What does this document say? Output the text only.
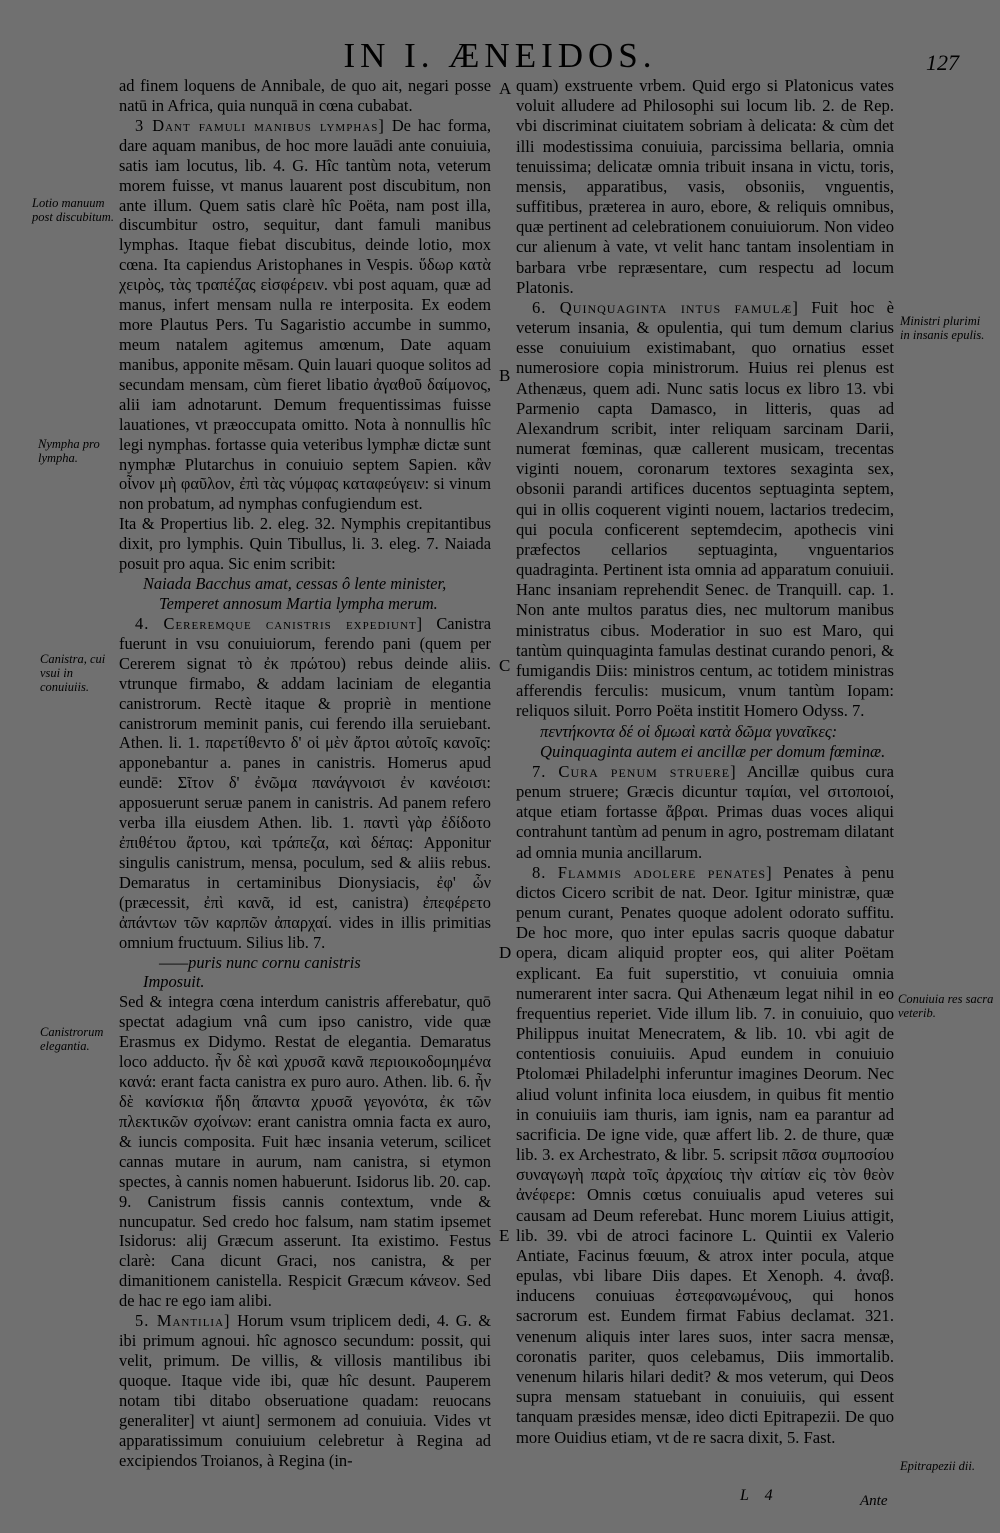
IN I. ÆNEIDOS.	127

ad finem loquens de Annibale, de quo ait, negari posse natū in Africa, quia nunquā in cœna cubabat.

3 Dant famuli manibus lymphas] De hac forma, dare aquam manibus, de hoc more lauādi ante conuiuia, satis iam locutus, lib. 4. G. Hîc tantùm nota, veterum morem fuisse, vt manus lauarent post discubitum, non ante illum. Quem satis clarè hîc Poëta, nam post illa, discumbitur ostro, sequitur, dant famuli manibus lymphas. Itaque fiebat discubitus, deinde lotio, mox cœna. Ita capiendus Aristophanes in Vespis. ὕδωρ κατὰ χειρὸς, τὰς τραπέζας εἰσφέρειν. vbi post aquam, quæ ad manus, infert mensam nulla re interposita. Ex eodem more Plautus Pers. Tu Sagaristio accumbe in summo, meum natalem agitemus amœnum, Date aquam manibus, apponite mēsam. Quin lauari quoque solitos ad secundam mensam, cùm fieret libatio ἀγαθοῦ δαίμονος, alii iam adnotarunt. Demum frequentissimas fuisse lauationes, vt præoccupata omitto. Nota à nonnullis hîc legi nymphas. fortasse quia veteribus lymphæ dictæ sunt nymphæ Plutarchus in conuiuio septem Sapien. κἂν οἶνον μὴ φαῦλον, ἐπὶ τὰς νύμφας καταφεύγειν: si vinum non probatum, ad nymphas confugiendum est.

Ita & Propertius lib. 2. eleg. 32. Nymphis crepitantibus dixit, pro lymphis. Quin Tibullus, li. 3. eleg. 7. Naiada posuit pro aqua. Sic enim scribit:

Naiada Bacchus amat, cessas ô lente minister,

Temperet annosum Martia lympha merum.

4. Cereremque canistris expediunt] Canistra fuerunt in vsu conuiuiorum, ferendo pani (quem per Cererem signat τὸ ἐκ πρώτου) rebus deinde aliis. vtrunque firmabo, & addam laciniam de elegantia canistrorum. Rectè itaque & propriè in mentione canistrorum meminit panis, cui ferendo illa seruiebant. Athen. li. 1. παρετίθεντο δ' οἱ μὲν ἄρτοι αὐτοῖς κανοῖς: apponebantur a. panes in canistris. Homerus apud eundē: Σῖτον δ' ἐνῶμα πανάγνοισι ἐν κανέοισι: apposuerunt seruæ panem in canistris. Ad panem refero verba illa eiusdem Athen. lib. 1. παντὶ γὰρ ἐδίδοτο ἐπιθέτου ἄρτου, καὶ τράπεζα, καὶ δέπας: Apponitur singulis canistrum, mensa, poculum, sed & aliis rebus. Demaratus in certaminibus Dionysiacis, ἐφ' ὧν (præcessit, ἐπὶ κανᾶ, id est, canistra) ἐπεφέρετο ἀπάντων τῶν καρπῶν ἀπαρχαί. vides in illis primitias omnium fructuum. Silius lib. 7.

——puris nunc cornu canistris

Imposuit.

Sed & integra cœna interdum canistris afferebatur, quō spectat adagium vnâ cum ipso canistro, vide quæ Erasmus ex Didymo. Restat de elegantia. Demaratus loco adducto. ἦν δὲ καὶ χρυσᾶ κανᾶ περιοικοδομημένα κανά: erant facta canistra ex puro auro. Athen. lib. 6. ἦν δὲ κανίσκια ἤδη ἅπαντα χρυσᾶ γεγονότα, ἐκ τῶν πλεκτικῶν σχοίνων: erant canistra omnia facta ex auro, & iuncis composita. Fuit hæc insania veterum, scilicet cannas mutare in aurum, nam canistra, si etymon spectes, à cannis nomen habuerunt. Isidorus lib. 20. cap. 9. Canistrum fissis cannis contextum, vnde & nuncupatur. Sed credo hoc falsum, nam statim ipsemet Isidorus: alij Græcum asserunt. Ita existimo. Festus clarè: Cana dicunt Graci, nos canistra, & per dimanitionem canistella. Respicit Græcum κάνεον. Sed de hac re ego iam alibi.

5. Mantilia] Horum vsum triplicem dedi, 4. G. & ibi primum agnoui. hîc agnosco secundum: possit, qui velit, primum. De villis, & villosis mantilibus ibi quoque. Itaque vide ibi, quæ hîc desunt. Pauperem notam tibi ditabo obseruatione quadam: reuocans generaliter] vt aiunt] sermonem ad conuiuia. Vides vt apparatissimum conuiuium celebretur à Regina ad excipiendos Troianos, à Regina (in-

quam) exstruente vrbem. Quid ergo si Platonicus vates voluit alludere ad Philosophi sui locum lib. 2. de Rep. vbi discriminat ciuitatem sobriam à delicata: & cùm det illi modestissima conuiuia, parcissima bellaria, omnia tenuissima; delicatæ omnia tribuit insana in victu, toris, mensis, apparatibus, vasis, obsoniis, vnguentis, suffitibus, præterea in auro, ebore, & reliquis omnibus, quæ pertinent ad celebrationem conuiuiorum. Non video cur alienum à vate, vt velit hanc tantam insolentiam in barbara vrbe repræsentare, cum respectu ad locum Platonis.

6. Quinquaginta intus famulæ] Fuit hoc è veterum insania, & opulentia, qui tum demum clarius esse conuiuium existimabant, quo ornatius esset numerosiore copia ministrorum. Huius rei plenus est Athenæus, quem adi. Nunc satis locus ex libro 13. vbi Parmenio capta Damasco, in litteris, quas ad Alexandrum scribit, inter reliquam sarcinam Darii, numerat fœminas, quæ callerent musicam, trecentas viginti nouem, coronarum textores sexaginta sex, obsonii parandi artifices ducentos septuaginta septem, qui in ollis coquerent viginti nouem, lactarios tredecim, qui pocula conficerent septemdecim, apothecis vini præfectos cellarios septuaginta, vnguentarios quadraginta. Pertinent ista omnia ad apparatum conuiuii. Hanc insaniam reprehendit Senec. de Tranquill. cap. 1. Non ante multos paratus dies, nec multorum manibus ministratus cibus. Moderatior in suo est Maro, qui tantùm quinquaginta famulas destinat curando penori, & fumigandis Diis: ministros centum, ac totidem ministras afferendis ferculis: musicum, vnum tantùm Iopam: reliquos siluit. Porro Poëta institit Homero Odyss. 7.

πεντήκοντα δέ οἱ δμωαὶ κατὰ δῶμα γυναῖκες:

Quinquaginta autem ei ancillæ per domum fœminæ.

7. Cura penum struere] Ancillæ quibus cura penum struere; Græcis dicuntur ταμίαι, vel σιτοποιοί, atque etiam fortasse ἄβραι. Primas duas voces aliqui contrahunt tantùm ad penum in agro, postremam dilatant ad omnia munia ancillarum.

8. Flammis adolere penates] Penates à penu dictos Cicero scribit de nat. Deor. Igitur ministræ, quæ penum curant, Penates quoque adolent odorato suffitu. De hoc more, quo inter epulas sacris quoque dabatur opera, dicam aliquid propter eos, qui aliter Poëtam explicant. Ea fuit superstitio, vt conuiuia omnia numerarent inter sacra. Qui Athenæum legat nihil in eo frequentius reperiet. Vide illum lib. 7. in conuiuio, quo Philippus inuitat Menecratem, & lib. 10. vbi agit de contentiosis conuiuiis. Apud eundem in conuiuio Ptolomæi Philadelphi inferuntur imagines Deorum. Nec aliud volunt infinita loca eiusdem, in quibus fit mentio in conuiuiis iam thuris, iam ignis, nam ea parantur ad sacrificia. De igne vide, quæ affert lib. 2. de thure, quæ lib. 3. ex Archestrato, & libr. 5. scripsit πᾶσα συμποσίου συναγωγὴ παρὰ τοῖς ἀρχαίοις τὴν αἰτίαν εἰς τὸν θεὸν ἀνέφερε: Omnis cœtus conuiualis apud veteres sui causam ad Deum referebat. Hunc morem Liuius attigit, lib. 39. vbi de atroci facinore L. Quintii ex Valerio Antiate, Facinus fœuum, & atrox inter pocula, atque epulas, vbi libare Diis dapes. Et Xenoph. 4. ἀναβ. inducens conuiuas ἐστεφανωμένους, qui honos sacrorum est. Eundem firmat Fabius declamat. 321. venenum aliquis inter lares suos, inter sacra mensæ, coronatis pariter, quos celebamus, Diis immortalib. venenum hilaris hilari dedit? & mos veterum, qui Deos supra mensam statuebant in conuiuiis, qui essent tanquam præsides mensæ, ideo dicti Epitrapezii. De quo more Ouidius etiam, vt de re sacra dixit, 5. Fast.

Lotio manuum post discubitum.
Nympha pro lympha.
Canistra, cui vsui in conuiuiis.
Canistrorum elegantia.
Ministri plurimi in insanis epulis.
Conuiuia res sacra veterib.
Epitrapezii dii.
A
B
C
D
E
L 4	Ante
